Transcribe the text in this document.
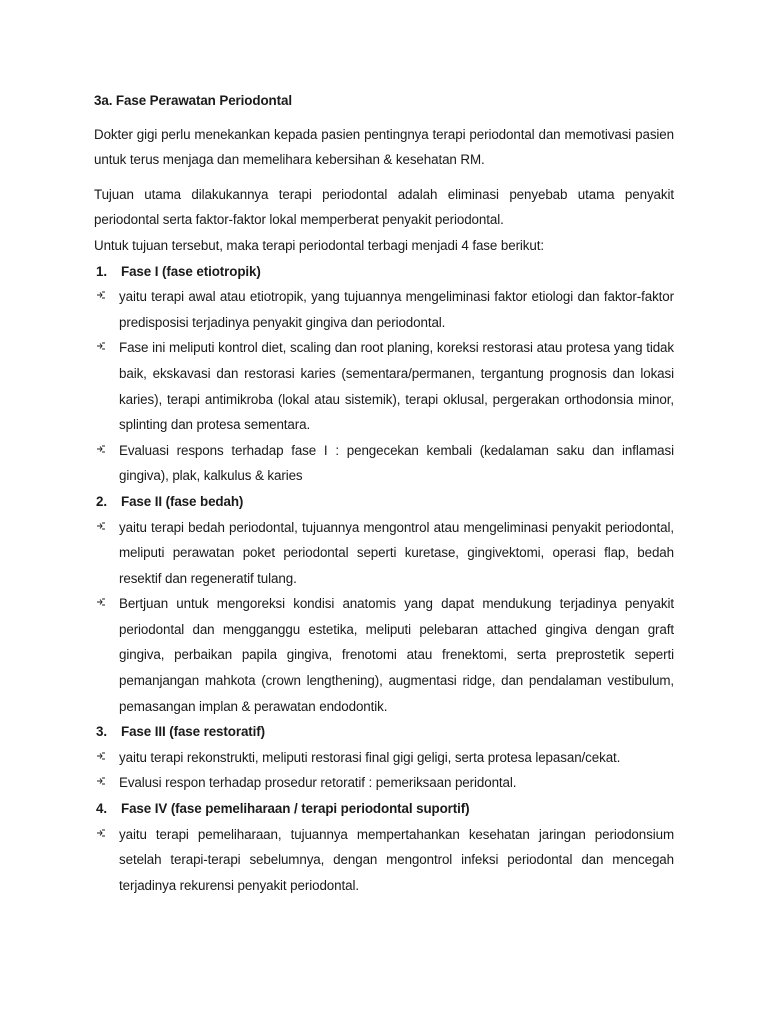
3a. Fase Perawatan Periodontal

Dokter gigi perlu menekankan kepada pasien pentingnya terapi periodontal dan memotivasi pasien untuk terus menjaga dan memelihara kebersihan & kesehatan RM.

Tujuan utama dilakukannya terapi periodontal adalah eliminasi penyebab utama penyakit periodontal serta faktor-faktor lokal memperberat penyakit periodontal.

Untuk tujuan tersebut, maka terapi periodontal terbagi menjadi 4 fase berikut:

1.	Fase I (fase etiotropik)
yaitu terapi awal atau etiotropik, yang tujuannya mengeliminasi faktor etiologi dan faktor-faktor predisposisi terjadinya penyakit gingiva dan periodontal.
Fase ini meliputi kontrol diet, scaling dan root planing, koreksi restorasi atau protesa yang tidak baik, ekskavasi dan restorasi karies (sementara/permanen, tergantung prognosis dan lokasi karies), terapi antimikroba (lokal atau sistemik), terapi oklusal, pergerakan orthodonsia minor, splinting dan protesa sementara.
Evaluasi respons terhadap fase I : pengecekan kembali (kedalaman saku dan inflamasi gingiva), plak, kalkulus & karies
2.	Fase II (fase bedah)
yaitu terapi bedah periodontal, tujuannya mengontrol atau mengeliminasi penyakit periodontal, meliputi perawatan poket periodontal seperti kuretase, gingivektomi, operasi flap, bedah resektif dan regeneratif tulang.
Bertjuan untuk mengoreksi kondisi anatomis yang dapat mendukung terjadinya penyakit periodontal dan mengganggu estetika, meliputi pelebaran attached gingiva dengan graft gingiva, perbaikan papila gingiva, frenotomi atau frenektomi, serta preprostetik seperti pemanjangan mahkota (crown lengthening), augmentasi ridge, dan pendalaman vestibulum, pemasangan implan & perawatan endodontik.
3.	Fase III (fase restoratif)
yaitu terapi rekonstrukti, meliputi restorasi final gigi geligi, serta protesa lepasan/cekat.
Evalusi respon terhadap prosedur retoratif : pemeriksaan peridontal.
4.	Fase IV (fase pemeliharaan / terapi periodontal suportif)
yaitu terapi pemeliharaan, tujuannya mempertahankan kesehatan jaringan periodonsium setelah terapi-terapi sebelumnya, dengan mengontrol infeksi periodontal dan mencegah terjadinya rekurensi penyakit periodontal.
